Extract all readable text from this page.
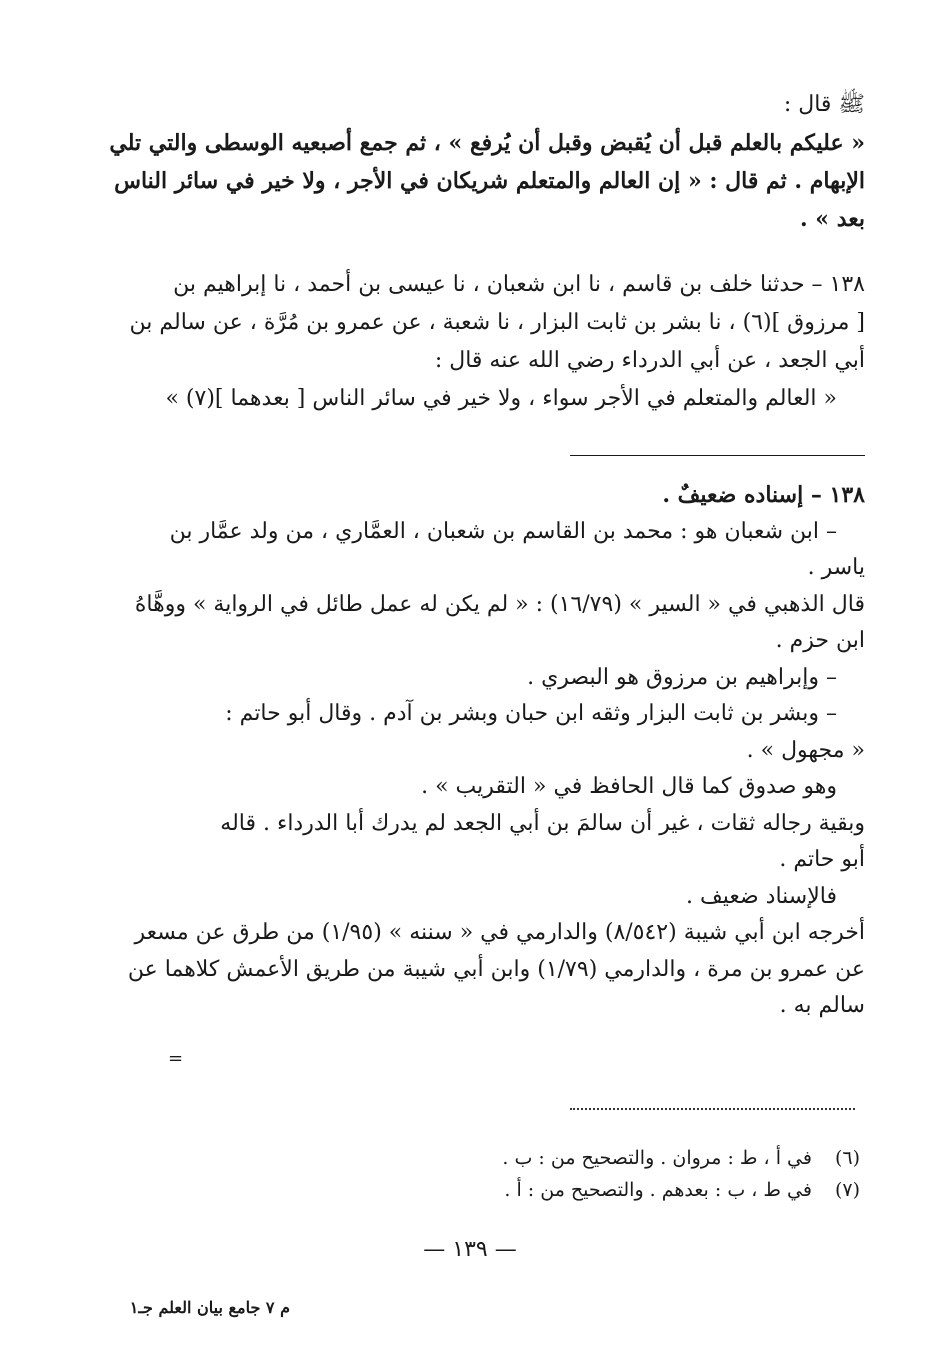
ﷺ قال :
« عليكم بالعلم قبل أن يُقبض وقبل أن يُرفع » ، ثم جمع أصبعيه الوسطى والتي تلي
الإبهام . ثم قال : « إن العالم والمتعلم شريكان في الأجر ، ولا خير في سائر الناس
بعد » .
١٣٨ – حدثنا خلف بن قاسم ، نا ابن شعبان ، نا عيسى بن أحمد ، نا إبراهيم بن
[ مرزوق ](٦) ، نا بشر بن ثابت البزار ، نا شعبة ، عن عمرو بن مُرَّة ، عن سالم بن
أبي الجعد ، عن أبي الدرداء رضي الله عنه قال :
« العالم والمتعلم في الأجر سواء ، ولا خير في سائر الناس [ بعدهما ](٧) »
١٣٨ – إسناده ضعيفٌ .
– ابن شعبان هو : محمد بن القاسم بن شعبان ، العمَّاري ، من ولد عمَّار بن
ياسر .
قال الذهبي في « السير » (١٦/٧٩) : « لم يكن له عمل طائل في الرواية » ووهَّاهُ
ابن حزم .
– وإبراهيم بن مرزوق هو البصري .
– وبشر بن ثابت البزار وثقه ابن حبان وبشر بن آدم . وقال أبو حاتم :
« مجهول » .
وهو صدوق كما قال الحافظ في « التقريب » .
وبقية رجاله ثقات ، غير أن سالمَ بن أبي الجعد لم يدرك أبا الدرداء . قاله
أبو حاتم .
فالإسناد ضعيف .
أخرجه ابن أبي شيبة (٨/٥٤٢) والدارمي في « سننه » (١/٩٥) من طرق عن مسعر
عن عمرو بن مرة ، والدارمي (١/٧٩) وابن أبي شيبة من طريق الأعمش كلاهما عن
سالم به .
=
(٦) في أ ، ط : مروان . والتصحيح من : ب .
(٧) في ط ، ب : بعدهم . والتصحيح من : أ .
— ١٣٩ —
م ٧ جامع بيان العلم جـ١
